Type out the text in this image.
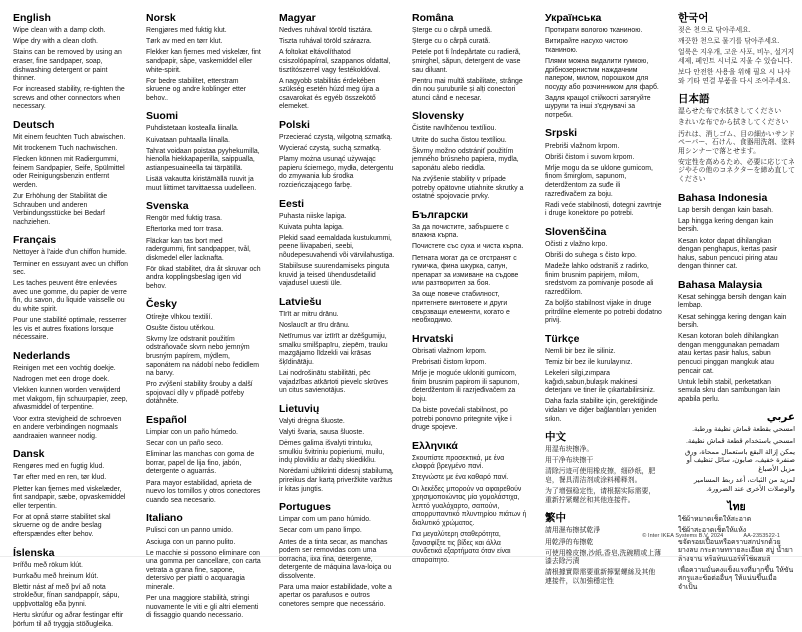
English

Wipe clean with a damp cloth.

Wipe dry with a clean cloth.

Stains can be removed by using an eraser, fine sandpaper, soap, dishwashing detergent or paint thinner.

For increased stability, re-tighten the screws and other connectors when necessary.

Deutsch

Mit einem feuchten Tuch abwischen.

Mit trockenem Tuch nachwischen.

Flecken können mit Radiergummi, feinem Sandpapier, Seife, Spülmittel oder Reinigungsbenzin entfernt werden.

Zur Erhöhung der Stabilität die Schrauben und anderen Verbindungsstücke bei Bedarf nachziehen.

Français

Nettoyer à l'aide d'un chiffon humide.

Terminer en essuyant avec un chiffon sec.

Les taches peuvent être enlevées avec une gomme, du papier de verre fin, du savon, du liquide vaisselle ou du white spirit.

Pour une stabilité optimale, resserrer les vis et autres fixations lorsque nécessaire.

Nederlands

Reinigen met een vochtig doekje.

Nadrogen met een droge doek.

Vlekken kunnen worden verwijderd met vlakgom, fijn schuurpapier, zeep, afwasmiddel of terpentine.

Voor extra stevigheid de schroeven en andere verbindingen nogmaals aandraaien wanneer nodig.

Dansk

Rengøres med en fugtig klud.

Tør efter med en ren, tør klud.

Pletter kan fjernes med viskelæder, fint sandpapir, sæbe, opvaskemiddel eller terpentin.

For at opnå større stabilitet skal skruerne og de andre beslag efterspændes efter behov.

Íslenska

Þrífðu með rökum klút.

Þurrkaðu með hreinum klút.

Blettir nást af með því að nota strokleður, fínan sandpappír, sápu, uppþvottalög eða þynni.

Hertu skrúfur og aðrar festingar eftir þörfum til að tryggja stöðugleika.

Norsk

Rengjøres med fuktig klut.

Tørk av med en tørr klut.

Flekker kan fjernes med viskelær, fint sandpapir, såpe, vaskemiddel eller white-spirit.

For bedre stabilitet, etterstram skruene og andre koblinger etter behov..

Suomi

Puhdistetaan kostealla liinalla.

Kuivataan puhtaalla liinalla.

Tahrat voidaan poistaa pyyhekumilla, hienolla hiekkapaperilla, saippualla, astianpesuaineella tai tärpätillä.

Lisää vakautta kiristämällä ruuvit ja muut liittimet tarvittaessa uudelleen.

Svenska

Rengör med fuktig trasa.

Eftertorka med torr trasa.

Fläckar kan tas bort med radergummi, fint sandpapper, tvål, diskmedel eller lacknafta.

För ökad stabilitet, dra åt skruvar och andra kopplingsbeslag igen vid behov.

Česky

Otírejte vlhkou textilií.

Osušte čistou utěrkou.

Skvrny lze odstranit použitím odstraňovače skvrn nebo jemným brusným papírem, mýdlem, saponátem na nádobí nebo ředidlem na barvy.

Pro zvýšení stability šrouby a další spojovací díly v případě potřeby dotáhněte.

Español

Limpiar con un paño húmedo.

Secar con un paño seco.

Eliminar las manchas con goma de borrar, papel de lija fino, jabón, detergente o aguarrás.

Para mayor estabilidad, aprieta de nuevo los tornillos y otros conectores cuando sea necesario.

Italiano

Pulisci con un panno umido.

Asciuga con un panno pulito.

Le macchie si possono eliminare con una gomma per cancellare, con carta vetrata a grana fine, sapone, detersivo per piatti o acquaragia minerale.

Per una maggiore stabilità, stringi nuovamente le viti e gli altri elementi di fissaggio quando necessario.

Magyar

Nedves ruhával töröld tisztára.

Tiszta ruhával töröld szárazra.

A foltokat eltávolíthatod csiszolópapírral, szappanos oldattal, tisztítószerrel vagy festékoldóval.

A nagyobb stabilitás érdekében szükség esetén húzd meg újra a csavarokat és egyéb összekötő elemeket.

Polski

Przecierać czystą, wilgotną szmatką.

Wycierać czystą, suchą szmatką.

Plamy można usunąć używając papieru ściernego, mydła, detergentu do zmywania lub środka rozcieńczającego farbę.

Eesti

Puhasta niiske lapiga.

Kuivata puhta lapiga.

Plekid saad eemaldada kustukummi, peene liivapaberi, seebi, nõudepesuvahendi või värvilahustiga.

Stabiilsuse suurendamiseks pinguta kruvid ja teised ühendusdetailid vajadusel uuesti üle.

Latviešu

Tīrīt ar mitru drānu.

Noslaucīt ar tīru drānu.

Netīrumus var iztīrīt ar dzēšgumiju, smalku smilšpapīru, ziepēm, trauku mazgājamo līdzekli vai krāsas šķīdinātāju.

Lai nodrošinātu stabilitāti, pēc vajadzības atkārtoti pievelc skrūves un citus savienotājus.

Lietuvių

Valyti drėgna šluoste.

Valyti švaria, sausa šluoste.

Dėmes galima išvalyti trintuku, smulkiu švitriniu popieriumi, muilu, indų plovikliu ar dažų skiedikliu.

Norėdami užtikrinti didesnį stabilumą, prireikus dar kartą priveržkite varžtus ir kitas jungtis.

Portugues

Limpar com um pano húmido.

Secar com um pano limpo.

Antes de a tinta secar, as manchas podem ser removidas com uma borracha, lixa fina, detergente, detergente de máquina lava-loiça ou dissolvente.

Para uma maior estabilidade, volte a apertar os parafusos e outros conetores sempre que necessário.

Româna

Șterge cu o cârpă umedă.

Șterge cu o cârpă curată.

Petele pot fi îndepărtate cu radieră, șmirghel, săpun, detergent de vase sau diluant.

Pentru mai multă stabilitate, strânge din nou șuruburile și alți conectori atunci când e necesar.

Slovensky

Čistite navlhčenou textíliou.

Utrite do sucha čistou textíliou.

Škvrny možno odstrániť použitím jemného brúsneho papiera, mydla, saponátu alebo riedidla.

Na zvýšenie stability v prípade potreby opätovne utiahnite skrutky a ostatné spojovacie prvky.

Български

За да почистите, забършете с влажна кърпа.

Почистете със суха и чиста кърпа.

Петната могат да се отстранят с гумичка, фина шкурка, сапун, препарат за измиване на съдове или разтворител за боя.

За още повече стабилност, притегнете винтовете и други свързващи елементи, когато е необходимо.

Hrvatski

Obrisati vlažnom krpom.

Prebrisati čistom krpom.

Mrlje je moguće ukloniti gumicom, finim brusnim papirom ili sapunom, deterdžentom ili razrjeđivačem za boju.

Da biste povećali stabilnost, po potrebi ponovno pritegnite vijke i druge spojeve.

Ελληνικά

Σκουπίστε προσεκτικά, με ένα ελαφρά βρεγμένο πανί.

Στεγνώστε με ένα καθαρό πανί.

Οι λεκέδες μπορούν να αφαιρεθούν χρησιμοποιώντας μία γομολάστιχα, λεπτό γυαλόχαρτο, σαπούνι, απορρυπαντικό πλυντηρίου πιάτων ή διαλυτικό χρώματος.

Για μεγαλύτερη σταθερότητα, ξανασφίξτε τις βίδες και άλλα συνδετικά εξαρτήματα όταν είναι απαραίτητο.

Українська

Протирати вологою тканиною.

Витирайте насухо чистою тканиною.

Плями можна видалити гумкою, дрібнозернистим наждачним папером, милом, порошком для посуду або розчинником для фарб.

Задля кращої стійкості затягуйте шурупи та інші з'єднувачі за потреби.

Srpski

Prebriši vlažnom krpom.

Obriši čistom i suvom krpom.

Mrlje mogu da se uklone gumicom, finom šmirglom, sapunom, deterdžentom za suđe ili razređivačem za boju.

Radi veće stabilnosti, dotegni zavrtnje i druge konektore po potrebi.

Slovenščina

Očisti z vlažno krpo.

Obriši do suhega s čisto krpo.

Madeže lahko odstraniš z radirko, finim brusnim papirjem, milom, sredstvom za pomivanje posode ali razredčilom.

Za boljšo stabilnost vijake in druge pritrdilne elemente po potrebi dodatno privij.

Türkçe

Nemli bir bez ile siliniz.

Temiz bir bez ile kurulayınız.

Lekeleri silgi,zımpara kağıdı,sabun,bulaşık makinesi deterjanı ve tiner ile çıkartabilirsiniz.

Daha fazla stabilite için, gerektiğinde vidaları ve diğer bağlantıları yeniden sıkın.

中文

用湿布块擦净。

用干净布块擦干

清除污迹可使用橡皮擦，细砂纸，肥皂，餐具清洁剂或涂料稀释剂。

为了增强稳定性，请根据实际需要，重新拧紧螺丝和其他连接件。

繁中

請用濕布擦拭乾淨

用乾淨的布擦乾

可使用橡皮擦,沙紙,香皂,洗碗精或上薄漆去除污漬

請根據實際需要重新擰緊螺絲及其他連接件，以加強穩定性

한국어

젖은 천으로 닦아주세요.

깨끗한 천으로 물기를 닦아주세요.

얼룩은 지우개, 고운 사포, 비누, 설거지세제, 페인트 시너로 지울 수 있습니다.

보다 안전한 사용을 위해 필요 시 나사와 기타 연결 부품을 다시 조여주세요.

日本語

湿らせた布で水拭きしてください

きれいな布でから拭きしてください

汚れは、消しゴム、目の細かいサンドペーパー、石けん、食器用洗剤、塗料用シンナーで落とせます。

安定性を高めるため、必要に応じてネジやその他のコネクターを締め直してください

Bahasa Indonesia

Lap bersih dengan kain basah.

Lap hingga kering dengan kain bersih.

Kesan kotor dapat dihilangkan dengan penghapus, kertas pasir halus, sabun pencuci piring atau dengan thinner cat.

Bahasa Malaysia

Kesat sehingga bersih dengan kain lembap.

Kesat sehingga kering dengan kain bersih.

Kesan kotoran boleh dihilangkan dengan menggunakan pemadam atau kertas pasir halus, sabun pencuci pinggan mangkuk atau pencair cat.

Untuk lebih stabil, perketatkan semula skru dan sambungan lain apabila perlu.

عربي

امسحي بقطعة قماش نظيفة ورطبة.

امسحي باستخدام قطعة قماش نظيفة.

يمكن إزالة البقع باستعمال ممحاة، ورق صنفرة خفيف، صابون، سائل تنظيف أو مزيل الأصباغ

لمزيد من الثبات، أعد ربط المسامير والوصلات الأخرى عند الضرورة.

ไทย

ใช้ผ้าหมาดเช็ดให้สะอาด

ใช้ผ้าสะอาดเช็ดให้แห้ง

ขจัดรอยเปื้อนหรือคราบสกปรกด้วยยางลบ กระดาษทรายละเอียด สบู่ น้ำยาล้างจาน หรือทินเนอร์ที่ใช้ผสมสี

เพื่อความมั่นคงแข็งแรงที่มากขึ้น ให้ขันสกรูและข้อต่ออื่นๆ ให้แน่นขึ้นเมื่อจำเป็น

© Inter IKEA Systems B.V. 2024	AA-2353522-1
